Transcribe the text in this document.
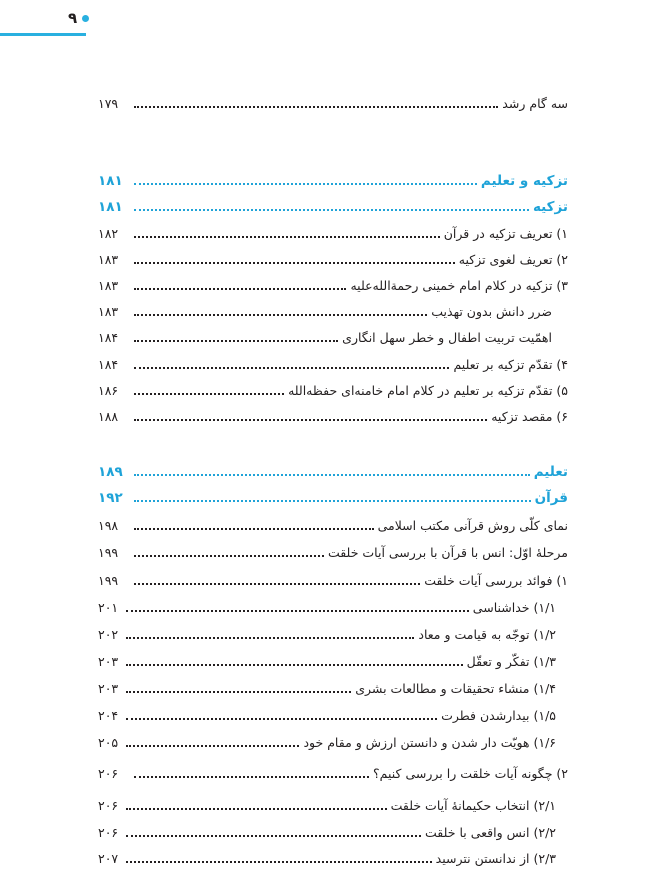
۹
سه گام رشد
۱۷۹
تزکیه و تعلیم
۱۸۱
تزکیه
۱۸۱
۱) تعریف تزکیه در قرآن
۱۸۲
۲) تعریف لغوی تزکیه
۱۸۳
۳) تزکیه در کلام امام خمینی رحمة‌الله‌علیه
۱۸۳
ضرر دانش بدون تهذیب
۱۸۳
اهمّیت تربیت اطفال و خطر سهل انگاری
۱۸۴
۴) تقدّم تزکیه بر تعلیم
۱۸۴
۵) تقدّم تزکیه بر تعلیم در کلام امام خامنه‌ای حفظه‌الله
۱۸۶
۶) مقصد تزکیه
۱۸۸
تعلیم
۱۸۹
قرآن
۱۹۲
نمای کلّی روش قرآنی مکتب اسلامی
۱۹۸
مرحلهٔ اوّل: انس با قرآن با بررسی آیات خلقت
۱۹۹
۱) فوائد بررسی آیات خلقت
۱۹۹
۱/۱) خداشناسی
۲۰۱
۱/۲) توجّه به قیامت و معاد
۲۰۲
۱/۳) تفکّر و تعقّل
۲۰۳
۱/۴) منشاء تحقیقات و مطالعات بشری
۲۰۳
۱/۵) بیدارشدن فطرت
۲۰۴
۱/۶) هویّت دار شدن و دانستن ارزش و مقام خود
۲۰۵
۲) چگونه آیات خلقت را بررسی کنیم؟
۲۰۶
۲/۱) انتخاب حکیمانهٔ آیات خلقت
۲۰۶
۲/۲) انس واقعی با خلقت
۲۰۶
۲/۳) از ندانستن نترسید
۲۰۷
